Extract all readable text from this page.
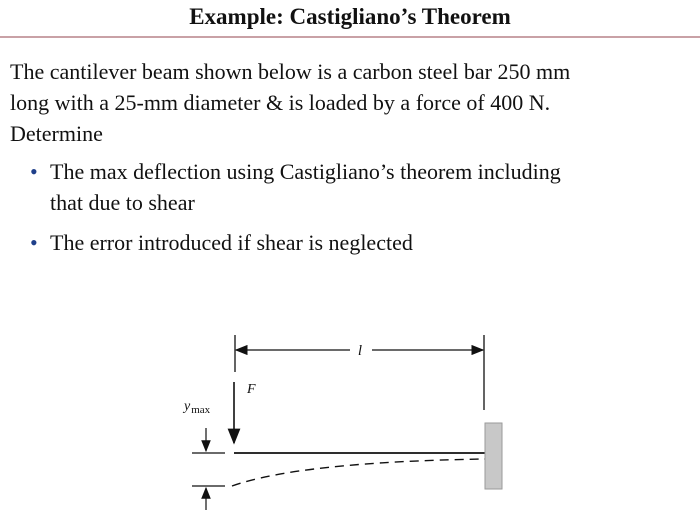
Example: Castigliano’s Theorem
The cantilever beam shown below is a carbon steel bar 250 mm
long with a 25-mm diameter & is loaded by a force of 400 N.
Determine
• The max deflection using Castigliano’s theorem including
that due to shear
• The error introduced if shear is neglected
l
F
$y_{max}$
